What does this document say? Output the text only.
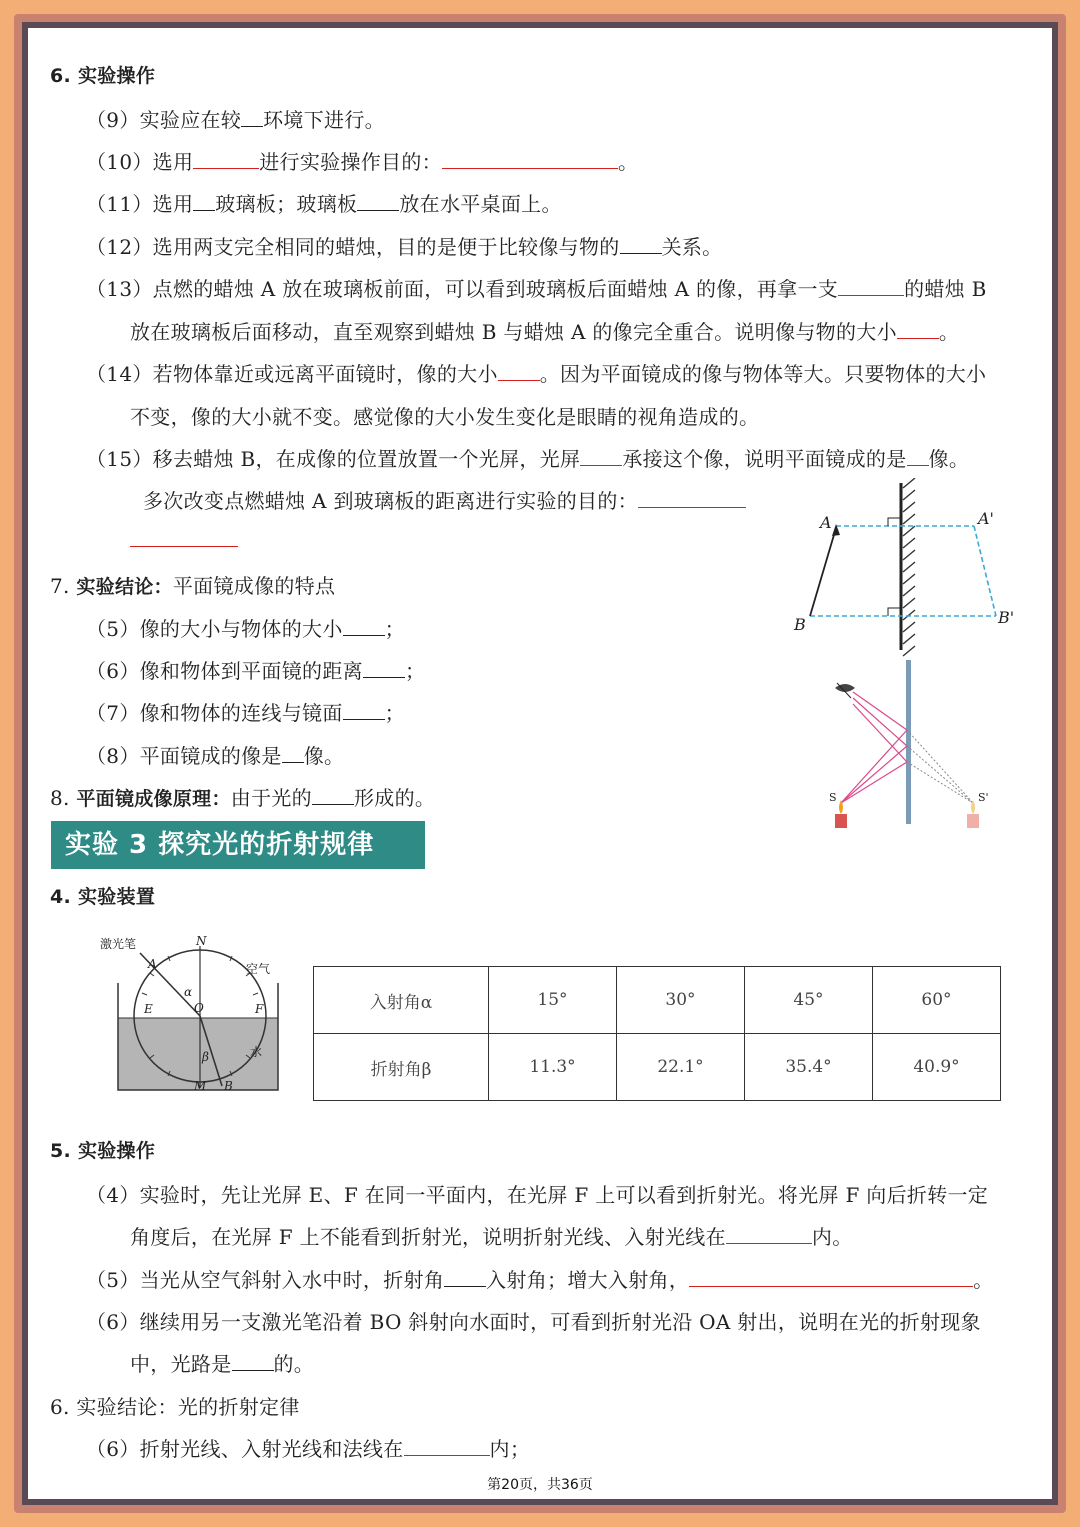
6. 实验操作
（9）实验应在较 环境下进行。
（10）选用	进行实验操作目的：	。
（11）选用 玻璃板；玻璃板 放在水平桌面上。
（12）选用两支完全相同的蜡烛，目的是便于比较像与物的 关系。
（13）点燃的蜡烛 A 放在玻璃板前面，可以看到玻璃板后面蜡烛 A 的像，再拿一支	的蜡烛 B
放在玻璃板后面移动，直至观察到蜡烛 B 与蜡烛 A 的像完全重合。说明像与物的大小 。
（14）若物体靠近或远离平面镜时，像的大小 。因为平面镜成的像与物体等大。只要物体的大小
不变，像的大小就不变。感觉像的大小发生变化是眼睛的视角造成的。
（15）移去蜡烛 B，在成像的位置放置一个光屏，光屏 承接这个像，说明平面镜成的是 像。
多次改变点燃蜡烛 A 到玻璃板的距离进行实验的目的：
7. 实验结论：平面镜成像的特点
（5）像的大小与物体的大小 ；
（6）像和物体到平面镜的距离 ；
（7）像和物体的连线与镜面 ；
（8）平面镜成的像是 像。
8. 平面镜成像原理：由于光的 形成的。
A	A'
B	B'
S	S'
实验 3 探究光的折射规律
4. 实验装置
激光笔
空气
水
N
A
E	O	F
M B
α
β
入射角α	15°	30°	45°	60°
折射角β	11.3°	22.1°	35.4°	40.9°
5. 实验操作
（4）实验时，先让光屏 E、F 在同一平面内，在光屏 F 上可以看到折射光。将光屏 F 向后折转一定
角度后，在光屏 F 上不能看到折射光，说明折射光线、入射光线在	内。
（5）当光从空气斜射入水中时，折射角 入射角；增大入射角，	。
（6）继续用另一支激光笔沿着 BO 斜射向水面时，可看到折射光沿 OA 射出，说明在光的折射现象
中，光路是 的。
6. 实验结论：光的折射定律
（6）折射光线、入射光线和法线在	内；
第20页，共36页
